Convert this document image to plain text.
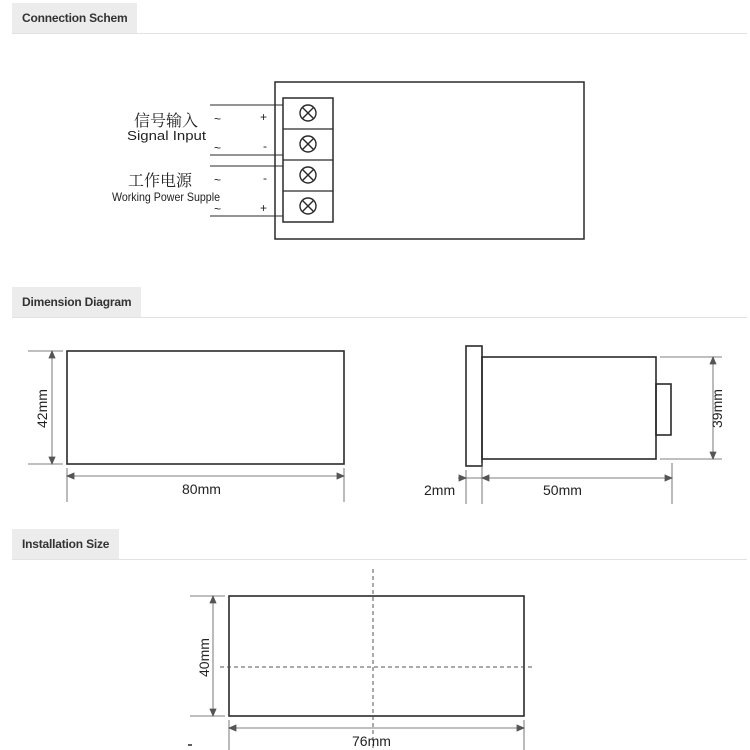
Connection Schem
~
~
~
~
+
-
-
+
信号输入
Signal Input
工作电源
Working Power Supple
Dimension Diagram
42mm
80mm
39mm
2mm	50mm
Installation Size
40mm
76mm
